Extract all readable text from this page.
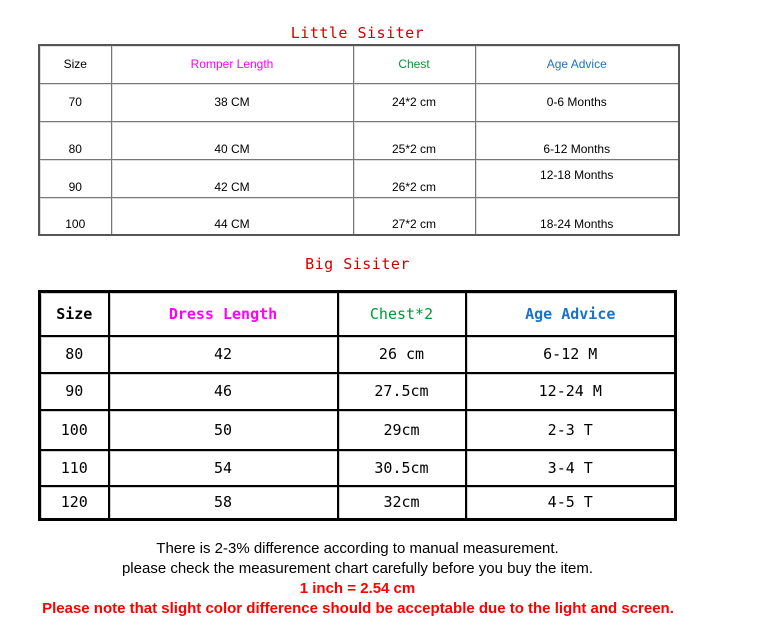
Little Sisiter
Size	Romper Length	Chest	Age Advice
70	38 CM	24*2 cm	0-6 Months
80	40 CM	25*2 cm	6-12 Months
90	42 CM	26*2 cm	12-18 Months
100	44 CM	27*2 cm	18-24 Months
Big Sisiter
Size	Dress Length	Chest*2	Age Advice
80	42	26 cm	6-12 M
90	46	27.5cm	12-24 M
100	50	29cm	2-3 T
110	54	30.5cm	3-4 T
120	58	32cm	4-5 T
There is 2-3% difference according to manual measurement.
please check the measurement chart carefully before you buy the item.
1 inch = 2.54 cm
Please note that slight color difference should be acceptable due to the light and screen.
